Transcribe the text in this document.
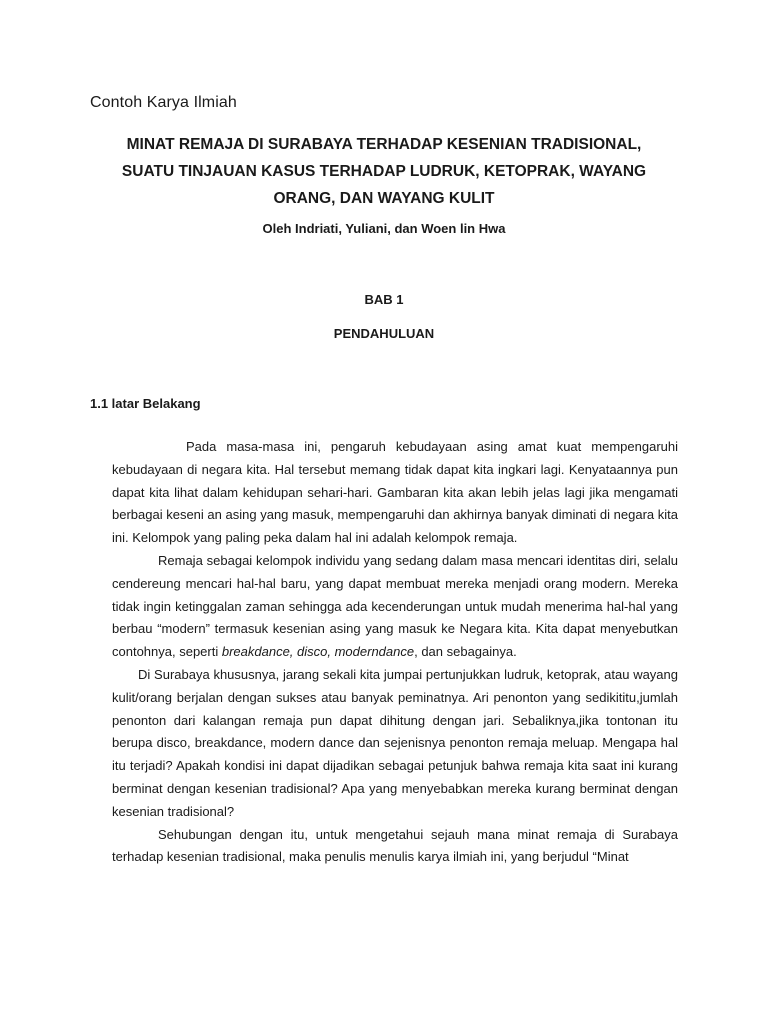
Contoh Karya Ilmiah
MINAT REMAJA DI SURABAYA TERHADAP KESENIAN TRADISIONAL, SUATU TINJAUAN KASUS TERHADAP LUDRUK, KETOPRAK, WAYANG ORANG, DAN WAYANG KULIT
Oleh Indriati, Yuliani, dan Woen lin Hwa
BAB 1
PENDAHULUAN
1.1 latar Belakang

Pada masa-masa ini, pengaruh kebudayaan asing amat kuat mempengaruhi kebudayaan di negara kita. Hal tersebut memang tidak dapat kita ingkari lagi. Kenyataannya pun dapat kita lihat dalam kehidupan sehari-hari. Gambaran kita akan lebih jelas lagi jika mengamati berbagai keseni an asing yang masuk, mempengaruhi dan akhirnya banyak diminati di negara kita ini. Kelompok yang paling peka dalam hal ini adalah kelompok remaja.

Remaja sebagai kelompok individu yang sedang dalam masa mencari identitas diri, selalu cendereung mencari hal-hal baru, yang dapat membuat mereka menjadi orang modern. Mereka tidak ingin ketinggalan zaman sehingga ada kecenderungan untuk mudah menerima hal-hal yang berbau “modern” termasuk kesenian asing yang masuk ke Negara kita. Kita dapat menyebutkan contohnya, seperti breakdance, disco, moderndance, dan sebagainya.

Di Surabaya khususnya, jarang sekali kita jumpai pertunjukkan ludruk, ketoprak, atau wayang kulit/orang berjalan dengan sukses atau banyak peminatnya. Ari penonton yang sedikititu,jumlah penonton dari kalangan remaja pun dapat dihitung dengan jari. Sebaliknya,jika tontonan itu berupa disco, breakdance, modern dance dan sejenisnya penonton remaja meluap. Mengapa hal itu terjadi? Apakah kondisi ini dapat dijadikan sebagai petunjuk bahwa remaja kita saat ini kurang berminat dengan kesenian tradisional? Apa yang menyebabkan mereka kurang berminat dengan kesenian tradisional?

Sehubungan dengan itu, untuk mengetahui sejauh mana minat remaja di Surabaya terhadap kesenian tradisional, maka penulis menulis karya ilmiah ini, yang berjudul “Minat
